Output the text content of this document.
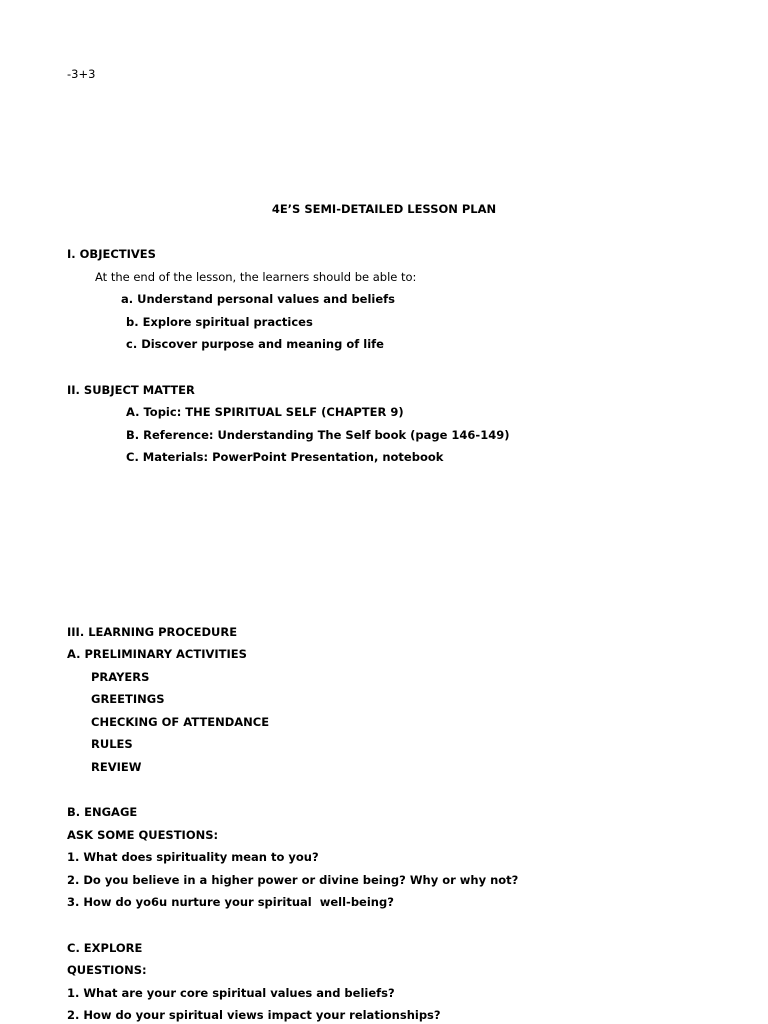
-3+3
4E’S SEMI-DETAILED LESSON PLAN
I. OBJECTIVES
At the end of the lesson, the learners should be able to:
a. Understand personal values and beliefs
b. Explore spiritual practices
c. Discover purpose and meaning of life
II. SUBJECT MATTER
A. Topic: THE SPIRITUAL SELF (CHAPTER 9)
B. Reference: Understanding The Self book (page 146-149)
C. Materials: PowerPoint Presentation, notebook
III. LEARNING PROCEDURE
A. PRELIMINARY ACTIVITIES
PRAYERS
GREETINGS
CHECKING OF ATTENDANCE
RULES
REVIEW
B. ENGAGE
ASK SOME QUESTIONS:
1. What does spirituality mean to you?
2. Do you believe in a higher power or divine being? Why or why not?
3. How do yo6u nurture your spiritual  well-being?
C. EXPLORE
QUESTIONS:
1. What are your core spiritual values and beliefs?
2. How do your spiritual views impact your relationships?
